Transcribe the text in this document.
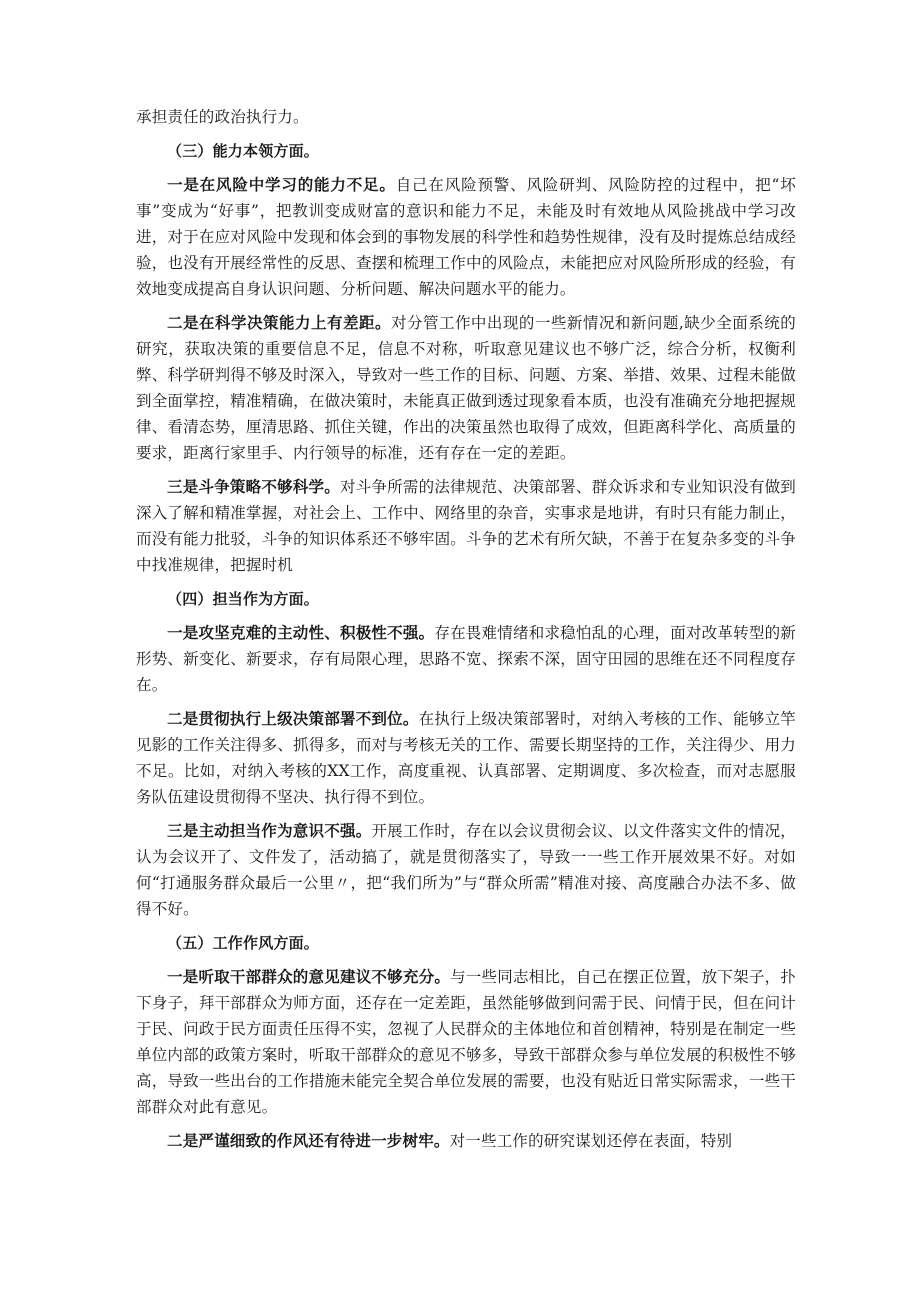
承担责任的政治执行力。

（三）能力本领方面。

一是在风险中学习的能力不足。自己在风险预警、风险研判、风险防控的过程中，把“坏事”变成为“好事”，把教训变成财富的意识和能力不足，未能及时有效地从风险挑战中学习改进，对于在应对风险中发现和体会到的事物发展的科学性和趋势性规律，没有及时提炼总结成经验，也没有开展经常性的反思、查摆和梳理工作中的风险点，未能把应对风险所形成的经验，有效地变成提高自身认识问题、分析问题、解决问题水平的能力。

二是在科学决策能力上有差距。对分管工作中出现的一些新情况和新问题,缺少全面系统的研究，获取决策的重要信息不足，信息不对称，听取意见建议也不够广泛，综合分析，权衡利弊、科学研判得不够及时深入，导致对一些工作的目标、问题、方案、举措、效果、过程未能做到全面掌控，精准精确，在做决策时，未能真正做到透过现象看本质，也没有准确充分地把握规律、看清态势，厘清思路、抓住关键，作出的决策虽然也取得了成效，但距离科学化、高质量的要求，距离行家里手、内行领导的标准，还有存在一定的差距。

三是斗争策略不够科学。对斗争所需的法律规范、决策部署、群众诉求和专业知识没有做到深入了解和精准掌握，对社会上、工作中、网络里的杂音，实事求是地讲，有时只有能力制止，而没有能力批驳，斗争的知识体系还不够牢固。斗争的艺术有所欠缺，不善于在复杂多变的斗争中找准规律，把握时机

（四）担当作为方面。

一是攻坚克难的主动性、积极性不强。存在畏难情绪和求稳怕乱的心理，面对改革转型的新形势、新变化、新要求，存有局限心理，思路不宽、探索不深，固守田园的思维在还不同程度存在。

二是贯彻执行上级决策部署不到位。在执行上级决策部署时，对纳入考核的工作、能够立竿见影的工作关注得多、抓得多，而对与考核无关的工作、需要长期坚持的工作，关注得少、用力不足。比如，对纳入考核的XX工作，高度重视、认真部署、定期调度、多次检查，而对志愿服务队伍建设贯彻得不坚决、执行得不到位。

三是主动担当作为意识不强。开展工作时，存在以会议贯彻会议、以文件落实文件的情况，认为会议开了、文件发了，活动搞了，就是贯彻落实了，导致一一些工作开展效果不好。对如何“打通服务群众最后一公里〃，把“我们所为”与“群众所需”精准对接、高度融合办法不多、做得不好。

（五）工作作风方面。

一是听取干部群众的意见建议不够充分。与一些同志相比，自己在摆正位置，放下架子，扑下身子，拜干部群众为师方面，还存在一定差距，虽然能够做到问需于民、问情于民，但在问计于民、问政于民方面责任压得不实，忽视了人民群众的主体地位和首创精神，特别是在制定一些单位内部的政策方案时，听取干部群众的意见不够多，导致干部群众参与单位发展的积极性不够高，导致一些出台的工作措施未能完全契合单位发展的需要，也没有贴近日常实际需求，一些干部群众对此有意见。

二是严谨细致的作风还有待进一步树牢。对一些工作的研究谋划还停在表面，特别
